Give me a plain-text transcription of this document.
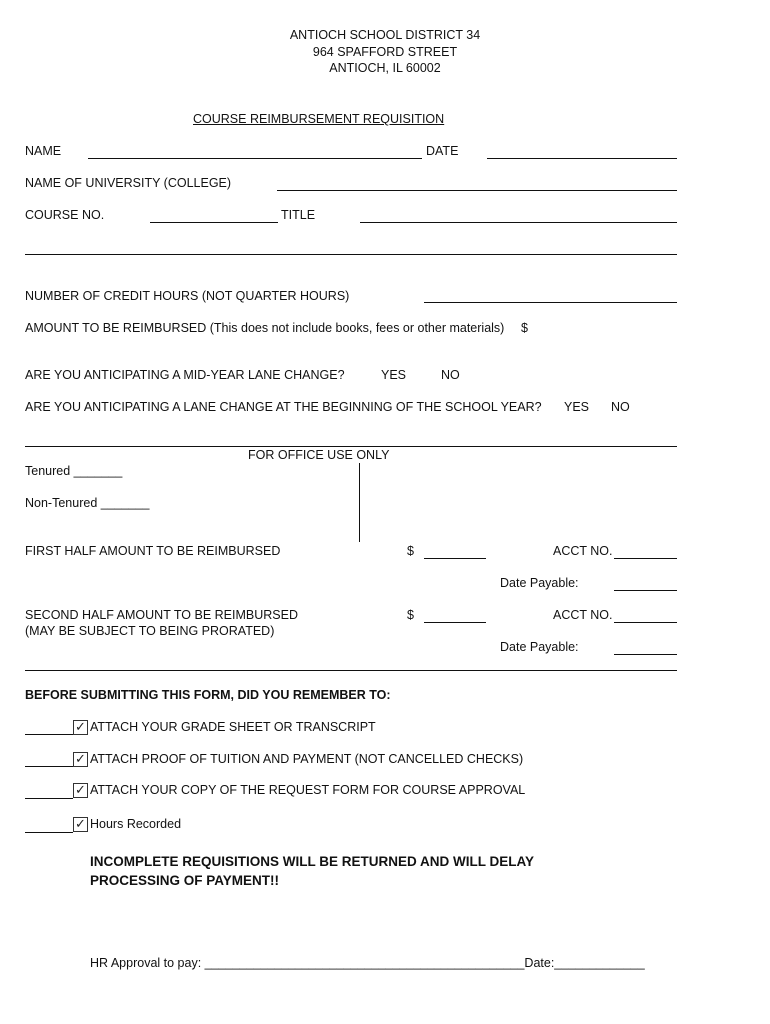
ANTIOCH SCHOOL DISTRICT 34
964 SPAFFORD STREET
ANTIOCH, IL 60002
COURSE REIMBURSEMENT REQUISITION
NAME	DATE
NAME OF UNIVERSITY (COLLEGE)
COURSE NO.	TITLE
NUMBER OF CREDIT HOURS (NOT QUARTER HOURS)
AMOUNT TO BE REIMBURSED (This does not include books, fees or other materials) $
ARE YOU ANTICIPATING A MID-YEAR LANE CHANGE?	YES	NO
ARE YOU ANTICIPATING A LANE CHANGE AT THE BEGINNING OF THE SCHOOL YEAR? YES NO
FOR OFFICE USE ONLY
Tenured _______
Non-Tenured _______
FIRST HALF AMOUNT TO BE REIMBURSED	$	ACCT NO.
Date Payable:
SECOND HALF AMOUNT TO BE REIMBURSED
(MAY BE SUBJECT TO BEING PRORATED)
$	ACCT NO.
Date Payable:
BEFORE SUBMITTING THIS FORM, DID YOU REMEMBER TO:
✓ ATTACH YOUR GRADE SHEET OR TRANSCRIPT
✓ ATTACH PROOF OF TUITION AND PAYMENT (NOT CANCELLED CHECKS)
✓ ATTACH YOUR COPY OF THE REQUEST FORM FOR COURSE APPROVAL
✓ Hours Recorded
INCOMPLETE REQUISITIONS WILL BE RETURNED AND WILL DELAY
PROCESSING OF PAYMENT!!
HR Approval to pay: ______________________________________________Date:_____________
